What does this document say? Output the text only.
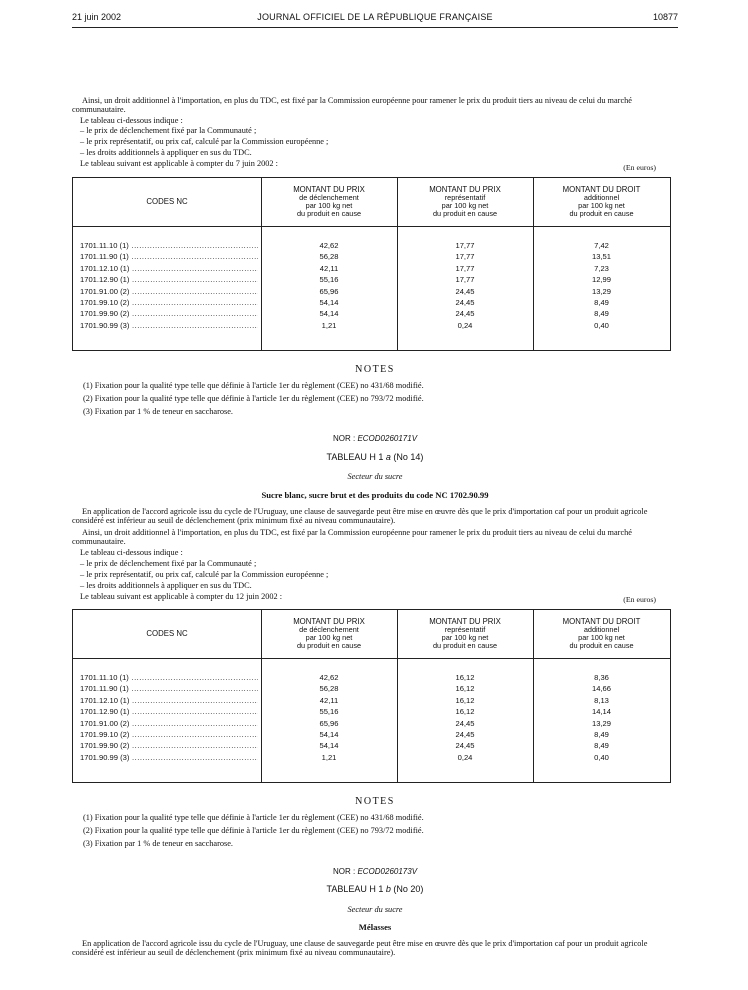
21 juin 2002	JOURNAL OFFICIEL DE LA RÉPUBLIQUE FRANÇAISE	10877
Ainsi, un droit additionnel à l'importation, en plus du TDC, est fixé par la Commission européenne pour ramener le prix du produit tiers au niveau de celui du marché communautaire.
Le tableau ci-dessous indique :
– le prix de déclenchement fixé par la Communauté ;
– le prix représentatif, ou prix caf, calculé par la Commission européenne ;
– les droits additionnels à appliquer en sus du TDC.
Le tableau suivant est applicable à compter du 7 juin 2002 :	(En euros)
CODES NC
MONTANT DU PRIX
de déclenchement
par 100 kg net
du produit en cause
MONTANT DU PRIX
représentatif
par 100 kg net
du produit en cause
MONTANT DU DROIT
additionnel
par 100 kg net
du produit en cause
1701.11.10 (1) .....	42,62	17,77	7,42
1701.11.90 (1) .....	56,28	17,77	13,51
1701.12.10 (1) .....	42,11	17,77	7,23
1701.12.90 (1) .....	55,16	17,77	12,99
1701.91.00 (2) .....	65,96	24,45	13,29
1701.99.10 (2) .....	54,14	24,45	8,49
1701.99.90 (2) .....	54,14	24,45	8,49
1701.90.99 (3) .....	1,21	0,24	0,40
NOTES
(1) Fixation pour la qualité type telle que définie à l'article 1er du règlement (CEE) no 431/68 modifié.
(2) Fixation pour la qualité type telle que définie à l'article 1er du règlement (CEE) no 793/72 modifié.
(3) Fixation par 1 % de teneur en saccharose.
NOR : ECOD0260171V
TABLEAU H 1 a (No 14)
Secteur du sucre
Sucre blanc, sucre brut et des produits du code NC 1702.90.99
En application de l'accord agricole issu du cycle de l'Uruguay, une clause de sauvegarde peut être mise en œuvre dès que le prix d'importation caf pour un produit agricole considéré est inférieur au seuil de déclenchement (prix minimum fixé au niveau communautaire).
Ainsi, un droit additionnel à l'importation, en plus du TDC, est fixé par la Commission européenne pour ramener le prix du produit tiers au niveau de celui du marché communautaire.
Le tableau ci-dessous indique :
– le prix de déclenchement fixé par la Communauté ;
– le prix représentatif, ou prix caf, calculé par la Commission européenne ;
– les droits additionnels à appliquer en sus du TDC.
Le tableau suivant est applicable à compter du 12 juin 2002 :	(En euros)
CODES NC
MONTANT DU PRIX
de déclenchement
par 100 kg net
du produit en cause
MONTANT DU PRIX
représentatif
par 100 kg net
du produit en cause
MONTANT DU DROIT
additionnel
par 100 kg net
du produit en cause
1701.11.10 (1) .....	42,62	16,12	8,36
1701.11.90 (1) .....	56,28	16,12	14,66
1701.12.10 (1) .....	42,11	16,12	8,13
1701.12.90 (1) .....	55,16	16,12	14,14
1701.91.00 (2) .....	65,96	24,45	13,29
1701.99.10 (2) .....	54,14	24,45	8,49
1701.99.90 (2) .....	54,14	24,45	8,49
1701.90.99 (3) .....	1,21	0,24	0,40
NOTES
(1) Fixation pour la qualité type telle que définie à l'article 1er du règlement (CEE) no 431/68 modifié.
(2) Fixation pour la qualité type telle que définie à l'article 1er du règlement (CEE) no 793/72 modifié.
(3) Fixation par 1 % de teneur en saccharose.
NOR : ECOD0260173V
TABLEAU H 1 b (No 20)
Secteur du sucre
Mélasses
En application de l'accord agricole issu du cycle de l'Uruguay, une clause de sauvegarde peut être mise en œuvre dès que le prix d'importation caf pour un produit agricole considéré est inférieur au seuil de déclenchement (prix minimum fixé au niveau communautaire).
